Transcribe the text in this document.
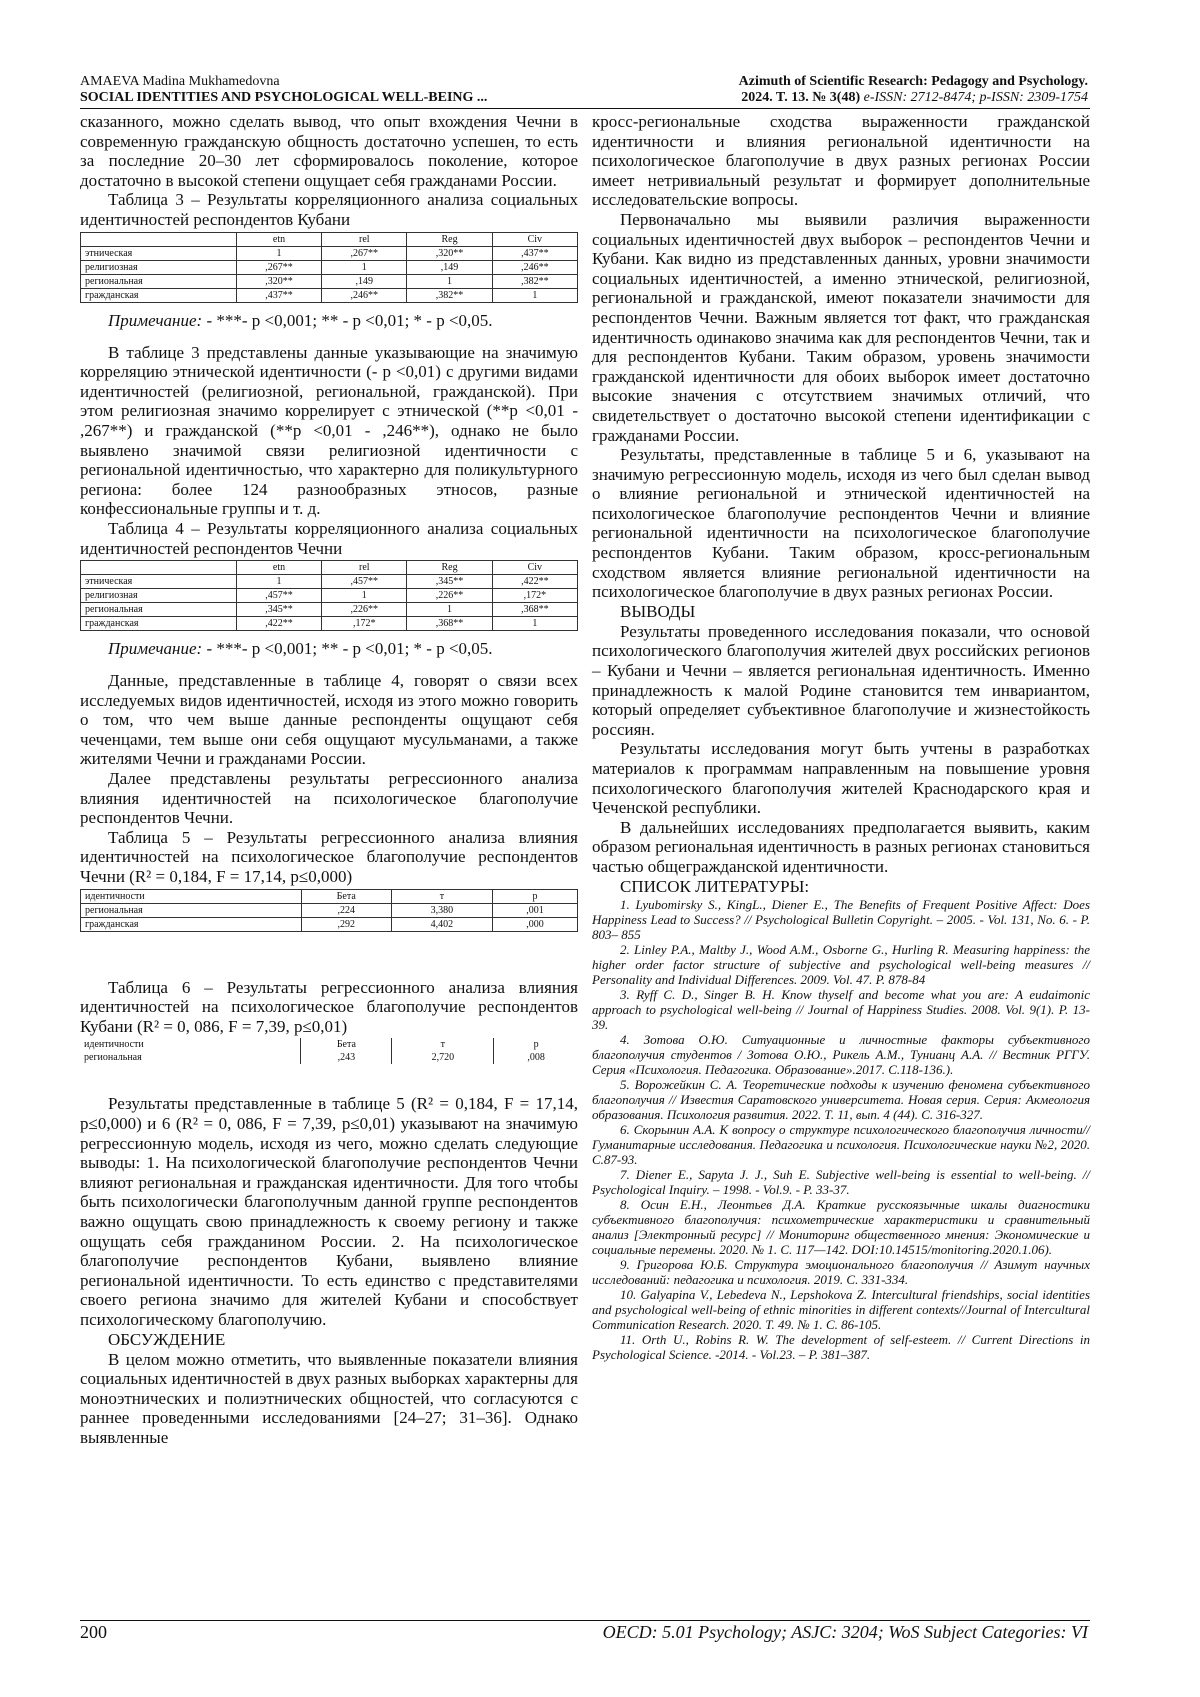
AMAEVA Madina Mukhamedovna
SOCIAL IDENTITIES AND PSYCHOLOGICAL WELL-BEING ...
Azimuth of Scientific Research: Pedagogy and Psychology.
2024. T. 13. № 3(48) e-ISSN: 2712-8474; p-ISSN: 2309-1754

сказанного, можно сделать вывод, что опыт вхождения Чечни в современную гражданскую общность достаточно успешен, то есть за последние 20–30 лет сформировалось поколение, которое достаточно в высокой степени ощущает себя гражданами России.

Таблица 3 – Результаты корреляционного анализа социальных идентичностей респондентов Кубани
	etn	rel	Reg	Civ
этническая	1	,267**	,320**	,437**
религиозная	,267**	1	,149	,246**
региональная	,320**	,149	1	,382**
гражданская	,437**	,246**	,382**	1
Примечание: - ***- р <0,001; ** - р <0,01; * - р <0,05.

В таблице 3 представлены данные указывающие на значимую корреляцию этнической идентичности (- р <0,01) с другими видами идентичностей (религиозной, региональной, гражданской). При этом религиозная значимо коррелирует с этнической (**р <0,01 - ,267**) и гражданской (**р <0,01 - ,246**), однако не было выявлено значимой связи религиозной идентичности с региональной идентичностью, что характерно для поликультурного региона: более 124 разнообразных этносов, разные конфессиональные группы и т. д.

Таблица 4 – Результаты корреляционного анализа социальных идентичностей респондентов Чечни
	etn	rel	Reg	Civ
этническая	1	,457**	,345**	,422**
религиозная	,457**	1	,226**	,172*
региональная	,345**	,226**	1	,368**
гражданская	,422**	,172*	,368**	1
Примечание: - ***- р <0,001; ** - р <0,01; * - р <0,05.

Данные, представленные в таблице 4, говорят о связи всех исследуемых видов идентичностей, исходя из этого можно говорить о том, что чем выше данные респонденты ощущают себя чеченцами, тем выше они себя ощущают мусульманами, а также жителями Чечни и гражданами России.

Далее представлены результаты регрессионного анализа влияния идентичностей на психологическое благополучие респондентов Чечни.

Таблица 5 – Результаты регрессионного анализа влияния идентичностей на психологическое благополучие респондентов Чечни (R² = 0,184, F = 17,14, р≤0,000)
идентичности	Бета	т	р
региональная	,224	3,380	,001
гражданская	,292	4,402	,000
Таблица 6 – Результаты регрессионного анализа влияния идентичностей на психологическое благополучие респондентов Кубани (R² = 0, 086, F = 7,39, р≤0,01)
идентичности	Бета	т	р
региональная	,243	2,720	,008

Результаты представленные в таблице 5 (R² = 0,184, F = 17,14, р≤0,000) и 6 (R² = 0, 086, F = 7,39, р≤0,01) указывают на значимую регрессионную модель, исходя из чего, можно сделать следующие выводы: 1. На психологической благополучие респондентов Чечни влияют региональная и гражданская идентичности. Для того чтобы быть психологически благополучным данной группе респондентов важно ощущать свою принадлежность к своему региону и также ощущать себя гражданином России. 2. На психологическое благополучие респондентов Кубани, выявлено влияние региональной идентичности. То есть единство с представителями своего региона значимо для жителей Кубани и способствует психологическому благополучию.

ОБСУЖДЕНИЕ

В целом можно отметить, что выявленные показатели влияния социальных идентичностей в двух разных выборках характерны для моноэтнических и полиэтнических общностей, что согласуются с раннее проведенными исследованиями [24–27; 31–36]. Однако выявленные

кросс-региональные сходства выраженности гражданской идентичности и влияния региональной идентичности на психологическое благополучие в двух разных регионах России имеет нетривиальный результат и формирует дополнительные исследовательские вопросы.

Первоначально мы выявили различия выраженности социальных идентичностей двух выборок – респондентов Чечни и Кубани. Как видно из представленных данных, уровни значимости социальных идентичностей, а именно этнической, религиозной, региональной и гражданской, имеют показатели значимости для респондентов Чечни. Важным является тот факт, что гражданская идентичность одинаково значима как для респондентов Чечни, так и для респондентов Кубани. Таким образом, уровень значимости гражданской идентичности для обоих выборок имеет достаточно высокие значения с отсутствием значимых отличий, что свидетельствует о достаточно высокой степени идентификации с гражданами России.

Результаты, представленные в таблице 5 и 6, указывают на значимую регрессионную модель, исходя из чего был сделан вывод о влияние региональной и этнической идентичностей на психологическое благополучие респондентов Чечни и влияние региональной идентичности на психологическое благополучие респондентов Кубани. Таким образом, кросс-региональным сходством является влияние региональной идентичности на психологическое благополучие в двух разных регионах России.

ВЫВОДЫ

Результаты проведенного исследования показали, что основой психологического благополучия жителей двух российских регионов – Кубани и Чечни – является региональная идентичность. Именно принадлежность к малой Родине становится тем инвариантом, который определяет субъективное благополучие и жизнестойкость россиян.

Результаты исследования могут быть учтены в разработках материалов к программам направленным на повышение уровня психологического благополучия жителей Краснодарского края и Чеченской республики.

В дальнейших исследованиях предполагается выявить, каким образом региональная идентичность в разных регионах становиться частью общегражданской идентичности.

СПИСОК ЛИТЕРАТУРЫ:

1. Lyubomirsky S., KingL., Diener E., The Benefits of Frequent Positive Affect: Does Happiness Lead to Success? // Psychological Bulletin Copyright. – 2005. - Vol. 131, No. 6. - P. 803– 855

2. Linley P.A., Maltby J., Wood A.M., Osborne G., Hurling R. Measuring happiness: the higher order factor structure of subjective and psychological well-being measures // Personality and Individual Differences. 2009. Vol. 47. P. 878-84

3. Ryff C. D., Singer B. H. Know thyself and become what you are: A eudaimonic approach to psychological well-being // Journal of Happiness Studies. 2008. Vol. 9(1). P. 13-39.

4. Зотова О.Ю. Ситуационные и личностные факторы субъективного благополучия студентов / Зотова О.Ю., Рикель А.М., Тунианц А.А. // Вестник РГГУ. Серия «Психология. Педагогика. Образование».2017. С.118-136.).

5. Ворожейкин С. А. Теоретические подходы к изучению феномена субъективного благополучия // Известия Саратовского университета. Новая серия. Серия: Акмеология образования. Психология развития. 2022. Т. 11, вып. 4 (44). С. 316-327.

6. Скорынин А.А. К вопросу о структуре психологического благополучия личности//Гуманитарные исследования. Педагогика и психология. Психологические науки №2, 2020. С.87-93.

7. Diener E., Sapyta J. J., Suh E. Subjective well-being is essential to well-being. // Psychological Inquiry. – 1998. - Vol.9. - P. 33-37.

8. Осин Е.Н., Леонтьев Д.А. Краткие русскоязычные шкалы диагностики субъективного благополучия: психометрические характеристики и сравнительный анализ [Электронный ресурс] // Мониторинг общественного мнения: Экономические и социальные перемены. 2020. № 1. С. 117—142. DOI:10.14515/monitoring.2020.1.06).

9. Григорова Ю.Б. Структура эмоционального благополучия // Азимут научных исследований: педагогика и психология. 2019. С. 331-334.

10. Galyapina V., Lebedeva N., Lepshokova Z. Intercultural friendships, social identities and psychological well-being of ethnic minorities in different contexts//Journal of Intercultural Communication Research. 2020. T. 49. № 1. С. 86-105.

11. Orth U., Robins R. W. The development of self-esteem. // Current Directions in Psychological Science. -2014. - Vol.23. – P. 381–387.

200	OECD: 5.01 Psychology; ASJC: 3204; WoS Subject Categories: VI
